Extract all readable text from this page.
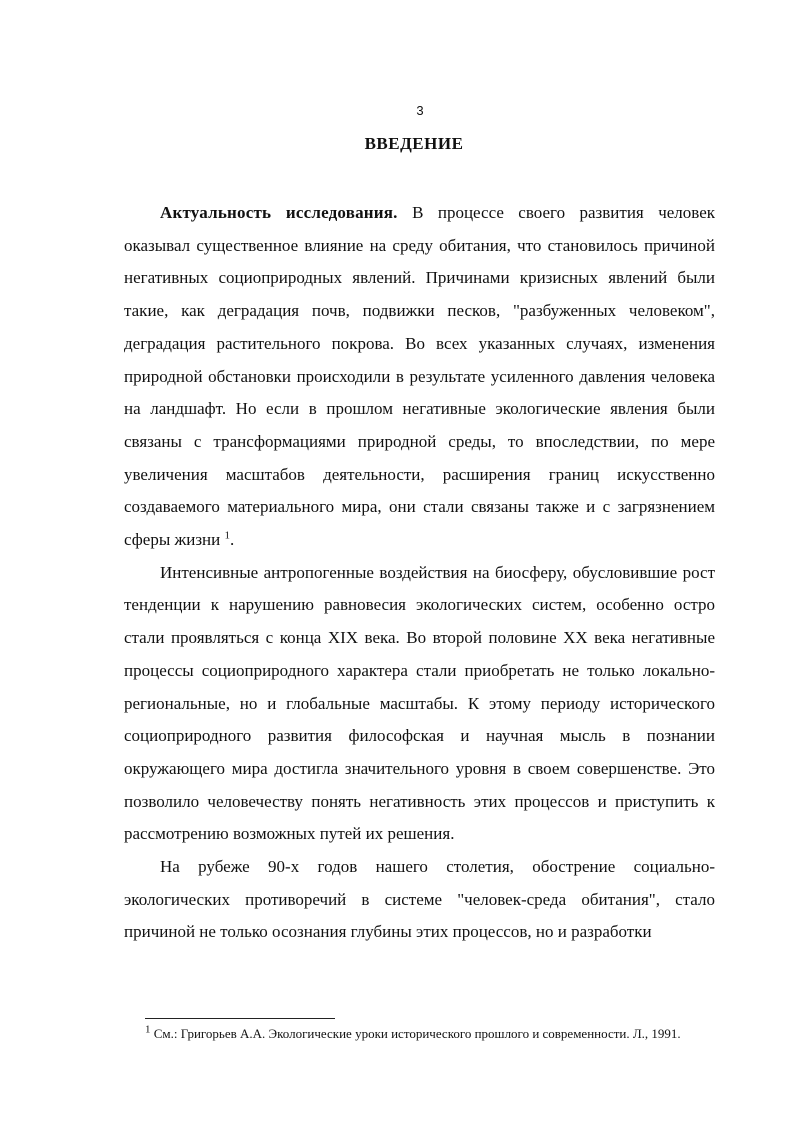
3
ВВЕДЕНИЕ

Актуальность исследования. В процессе своего развития человек оказывал существенное влияние на среду обитания, что становилось причиной негативных социоприродных явлений. Причинами кризисных явлений были такие, как деградация почв, подвижки песков, "разбуженных человеком", деградация растительного покрова. Во всех указанных случаях, изменения природной обстановки происходили в результате усиленного давления человека на ландшафт. Но если в прошлом негативные экологические явления были связаны с трансформациями природной среды, то впоследствии, по мере увеличения масштабов деятельности, расширения границ искусственно создаваемого материального мира, они стали связаны также и с загрязнением сферы жизни $^1$.

Интенсивные антропогенные воздействия на биосферу, обусловившие рост тенденции к нарушению равновесия экологических систем, особенно остро стали проявляться с конца XIX века. Во второй половине XX века негативные процессы социоприродного характера стали приобретать не только локально-региональные, но и глобальные масштабы. К этому периоду исторического социоприродного развития философская и научная мысль в познании окружающего мира достигла значительного уровня в своем совершенстве. Это позволило человечеству понять негативность этих процессов и приступить к рассмотрению возможных путей их решения.

На рубеже 90-х годов нашего столетия, обострение социально-экологических противоречий в системе "человек-среда обитания", стало причиной не только осознания глубины этих процессов, но и разработки

$^1$ См.: Григорьев А.А. Экологические уроки исторического прошлого и современности. Л., 1991.
